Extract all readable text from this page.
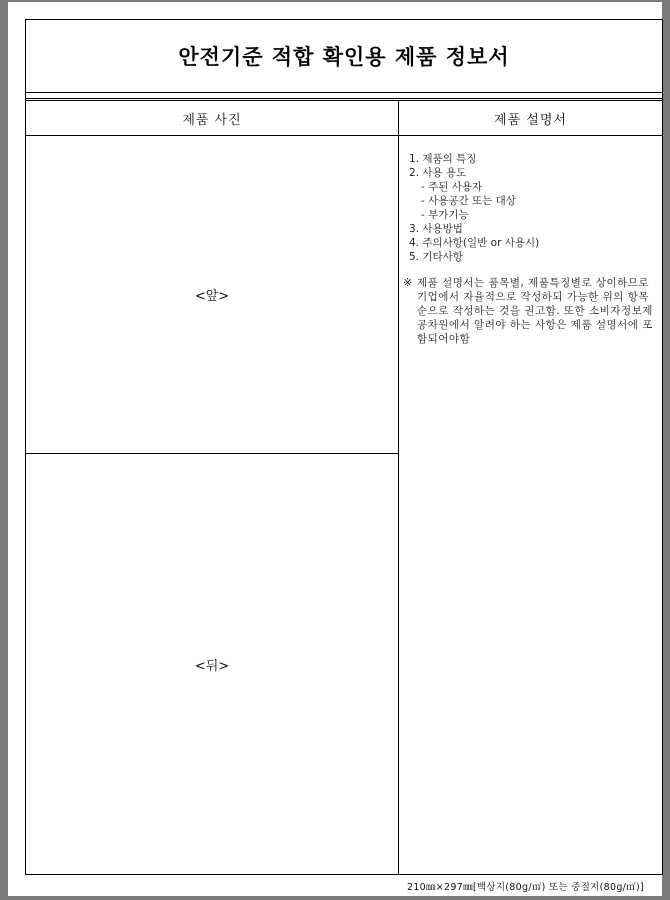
안전기준 적합 확인용 제품 정보서
제품 사진	제품 설명서
<앞>
<뒤>
1. 제품의 특징
2. 사용 용도
- 주된 사용자
- 사용공간 또는 대상
- 부가기능
3. 사용방법
4. 주의사항(일반 or 사용시)
5. 기타사항
※ 제품 설명서는 품목별, 제품특징별로 상이하므로 기업에서 자율적으로 작성하되 가능한 위의 항목순으로 작성하는 것을 권고함. 또한 소비자정보제공차원에서 알려야 하는 사항은 제품 설명서에 포함되어야함
210㎜×297㎜[백상지(80g/㎡) 또는 중질지(80g/㎡)]
